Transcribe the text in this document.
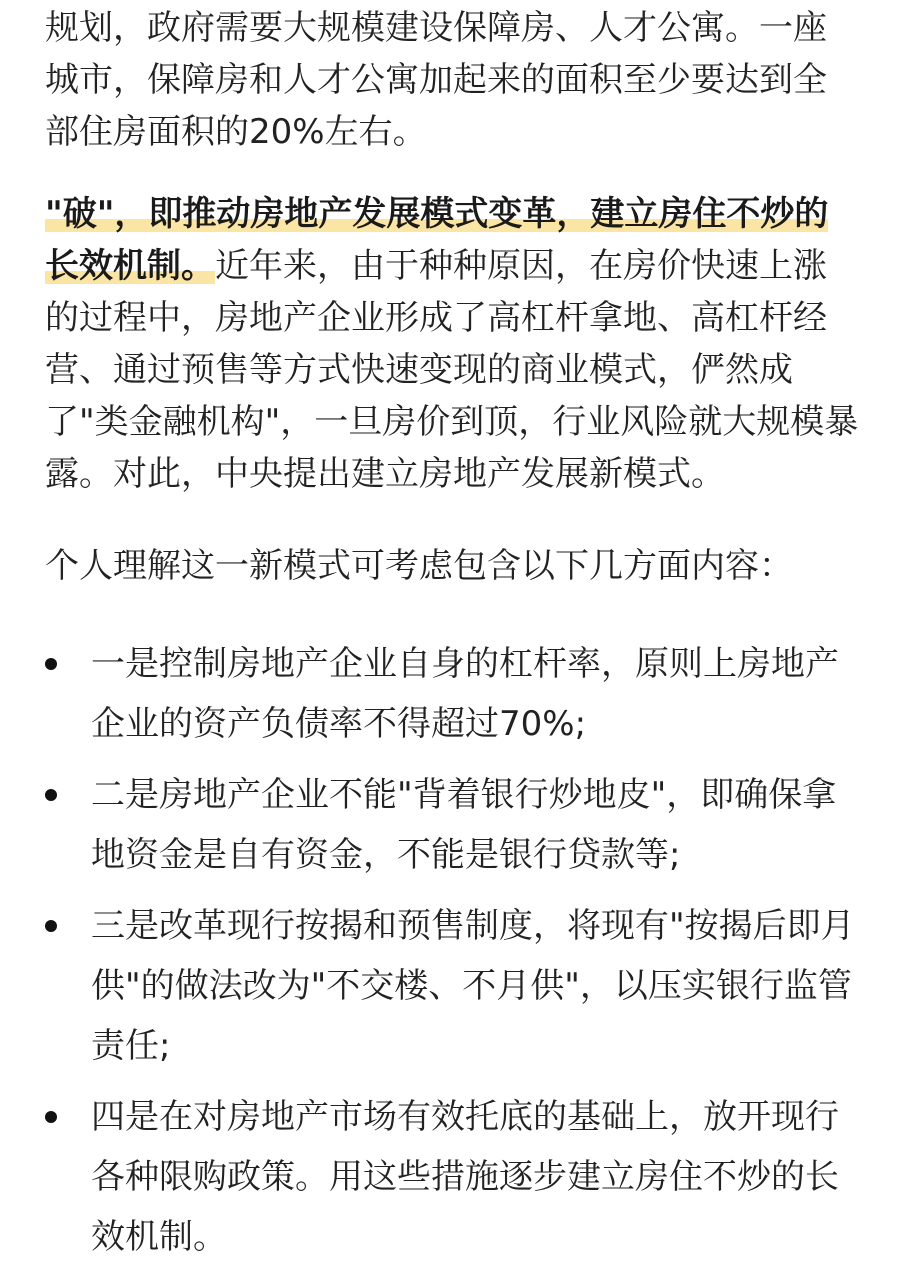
规划，政府需要大规模建设保障房、人才公寓。一座城市，保障房和人才公寓加起来的面积至少要达到全部住房面积的20%左右。

"破"，即推动房地产发展模式变革，建立房住不炒的长效机制。近年来，由于种种原因，在房价快速上涨的过程中，房地产企业形成了高杠杆拿地、高杠杆经营、通过预售等方式快速变现的商业模式，俨然成了"类金融机构"，一旦房价到顶，行业风险就大规模暴露。对此，中央提出建立房地产发展新模式。

个人理解这一新模式可考虑包含以下几方面内容：

一是控制房地产企业自身的杠杆率，原则上房地产企业的资产负债率不得超过70%;
二是房地产企业不能"背着银行炒地皮"，即确保拿地资金是自有资金，不能是银行贷款等;
三是改革现行按揭和预售制度，将现有"按揭后即月供"的做法改为"不交楼、不月供"，以压实银行监管责任;
四是在对房地产市场有效托底的基础上，放开现行各种限购政策。用这些措施逐步建立房住不炒的长效机制。
